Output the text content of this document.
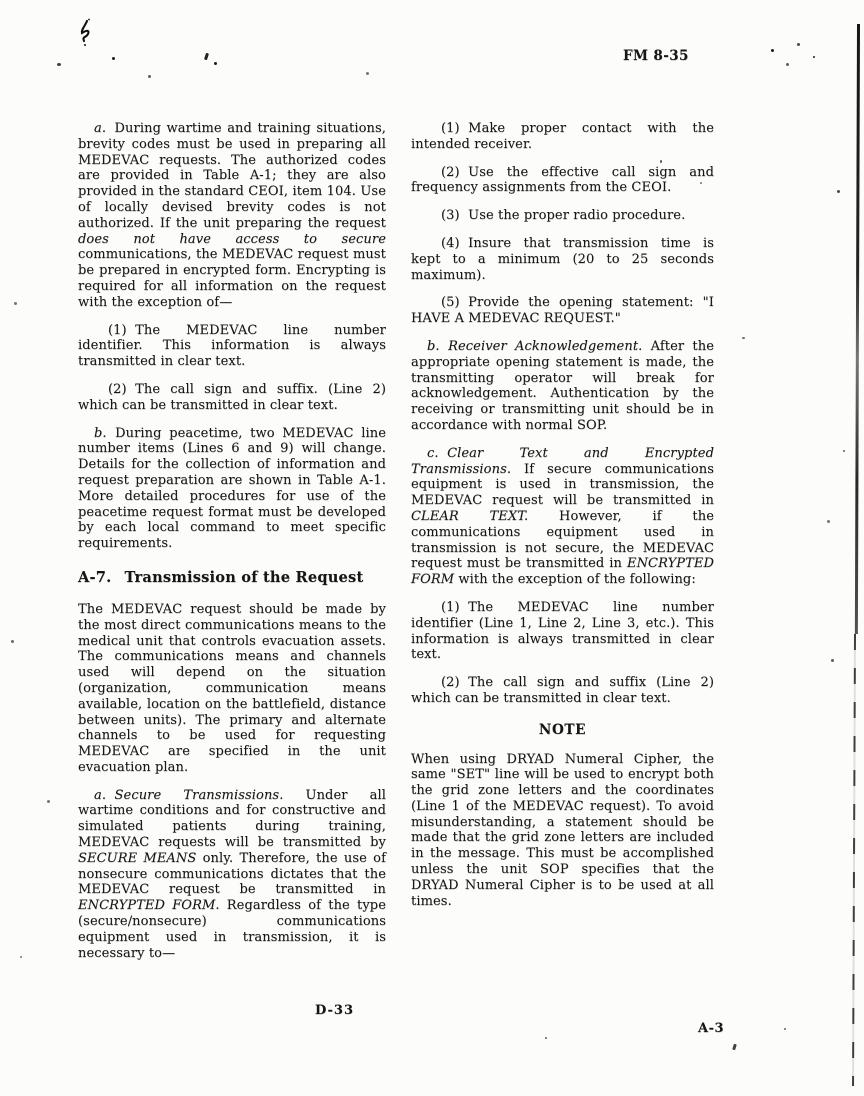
FM 8-35
a. During wartime and training situations, brevity codes must be used in preparing all MEDEVAC requests. The authorized codes are provided in Table A-1; they are also provided in the standard CEOI, item 104. Use of locally devised brevity codes is not authorized. If the unit preparing the request does not have access to secure communications, the MEDEVAC request must be prepared in encrypted form. Encrypting is required for all information on the request with the exception of—
(1) The MEDEVAC line number identifier. This information is always transmitted in clear text.
(2) The call sign and suffix. (Line 2) which can be transmitted in clear text.
b. During peacetime, two MEDEVAC line number items (Lines 6 and 9) will change. Details for the collection of information and request preparation are shown in Table A-1. More detailed procedures for use of the peacetime request format must be developed by each local command to meet specific requirements.
A-7. Transmission of the Request
The MEDEVAC request should be made by the most direct communications means to the medical unit that controls evacuation assets. The communications means and channels used will depend on the situation (organization, communication means available, location on the battlefield, distance between units). The primary and alternate channels to be used for requesting MEDEVAC are specified in the unit evacuation plan.
a. Secure Transmissions. Under all wartime conditions and for constructive and simulated patients during training, MEDEVAC requests will be transmitted by SECURE MEANS only. Therefore, the use of nonsecure communications dictates that the MEDEVAC request be transmitted in ENCRYPTED FORM. Regardless of the type (secure/nonsecure) communications equipment used in transmission, it is necessary to—
(1) Make proper contact with the intended receiver.
(2) Use the effective call sign and frequency assignments from the CEOI.
(3) Use the proper radio procedure.
(4) Insure that transmission time is kept to a minimum (20 to 25 seconds maximum).
(5) Provide the opening statement: "I HAVE A MEDEVAC REQUEST."
b. Receiver Acknowledgement. After the appropriate opening statement is made, the transmitting operator will break for acknowledgement. Authentication by the receiving or transmitting unit should be in accordance with normal SOP.
c. Clear Text and Encrypted Transmissions. If secure communications equipment is used in transmission, the MEDEVAC request will be transmitted in CLEAR TEXT. However, if the communications equipment used in transmission is not secure, the MEDEVAC request must be transmitted in ENCRYPTED FORM with the exception of the following:
(1) The MEDEVAC line number identifier (Line 1, Line 2, Line 3, etc.). This information is always transmitted in clear text.
(2) The call sign and suffix (Line 2) which can be transmitted in clear text.
NOTE
When using DRYAD Numeral Cipher, the same "SET" line will be used to encrypt both the grid zone letters and the coordinates (Line 1 of the MEDEVAC request). To avoid misunderstanding, a statement should be made that the grid zone letters are included in the message. This must be accomplished unless the unit SOP specifies that the DRYAD Numeral Cipher is to be used at all times.
D-33
A-3
